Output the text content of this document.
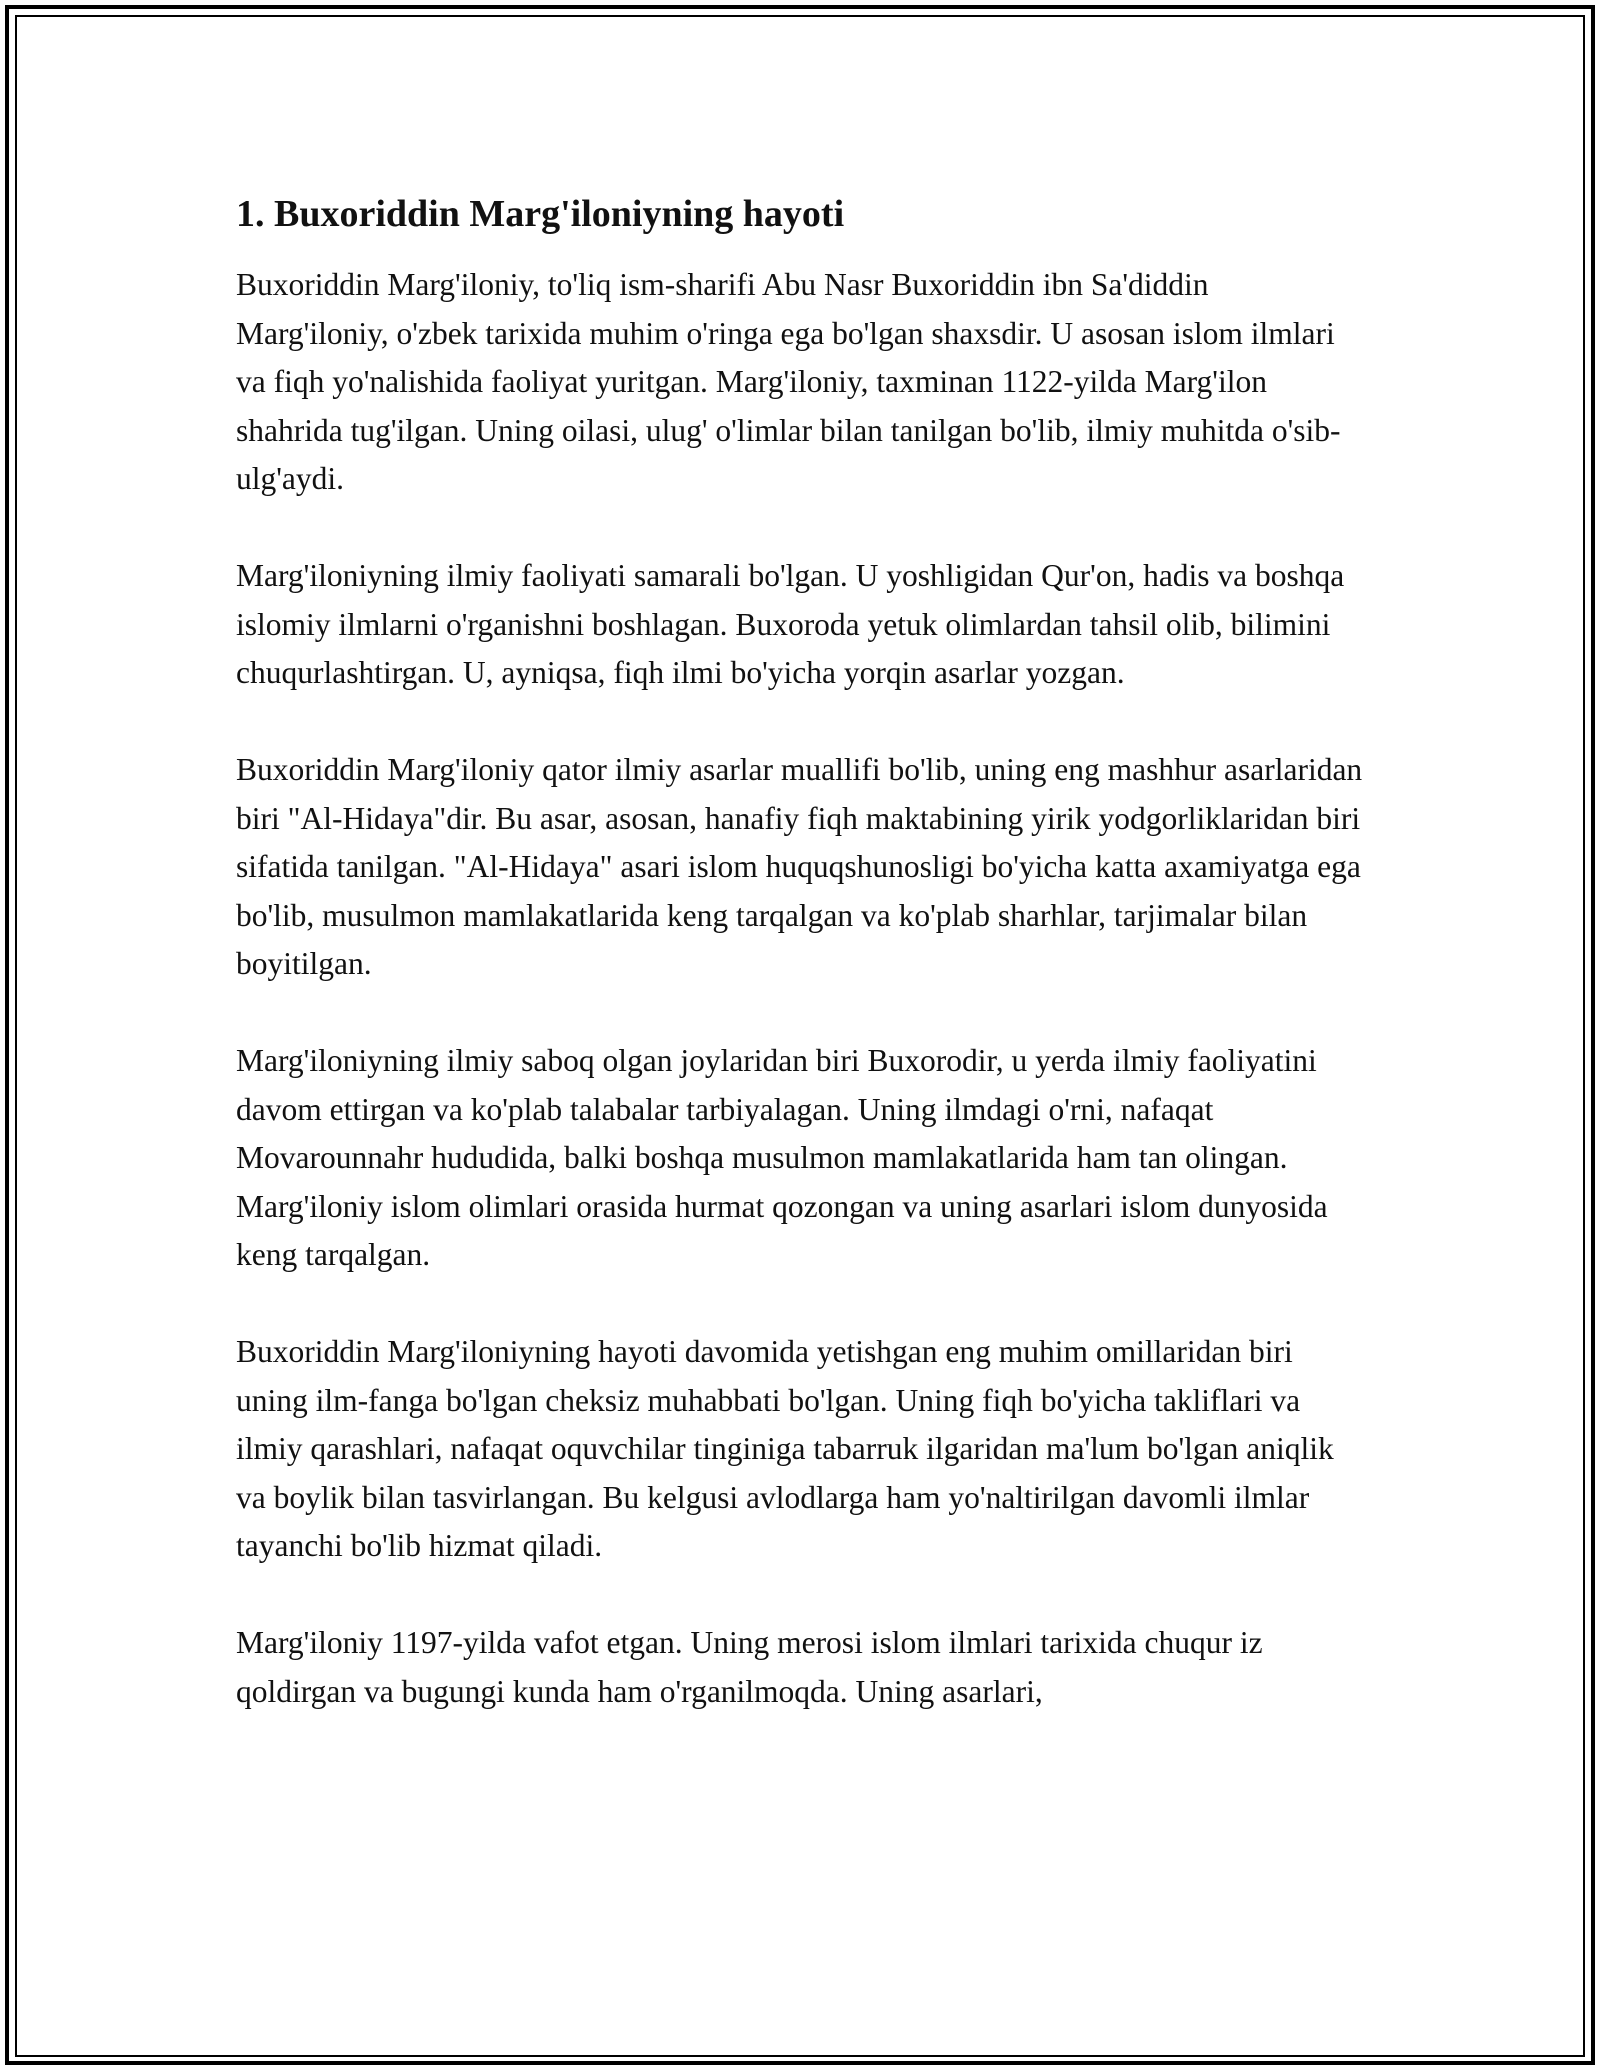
1. Buxoriddin Marg'iloniyning hayoti

Buxoriddin Marg'iloniy, to'liq ism-sharifi Abu Nasr Buxoriddin ibn Sa'diddin Marg'iloniy, o'zbek tarixida muhim o'ringa ega bo'lgan shaxsdir. U asosan islom ilmlari va fiqh yo'nalishida faoliyat yuritgan. Marg'iloniy, taxminan 1122-yilda Marg'ilon shahrida tug'ilgan. Uning oilasi, ulug' o'limlar bilan tanilgan bo'lib, ilmiy muhitda o'sib-ulg'aydi.

Marg'iloniyning ilmiy faoliyati samarali bo'lgan. U yoshligidan Qur'on, hadis va boshqa islomiy ilmlarni o'rganishni boshlagan. Buxoroda yetuk olimlardan tahsil olib, bilimini chuqurlashtirgan. U, ayniqsa, fiqh ilmi bo'yicha yorqin asarlar yozgan.

Buxoriddin Marg'iloniy qator ilmiy asarlar muallifi bo'lib, uning eng mashhur asarlaridan biri "Al-Hidaya"dir. Bu asar, asosan, hanafiy fiqh maktabining yirik yodgorliklaridan biri sifatida tanilgan. "Al-Hidaya" asari islom huquqshunosligi bo'yicha katta axamiyatga ega bo'lib, musulmon mamlakatlarida keng tarqalgan va ko'plab sharhlar, tarjimalar bilan boyitilgan.

Marg'iloniyning ilmiy saboq olgan joylaridan biri Buxorodir, u yerda ilmiy faoliyatini davom ettirgan va ko'plab talabalar tarbiyalagan. Uning ilmdagi o'rni, nafaqat Movarounnahr hududida, balki boshqa musulmon mamlakatlarida ham tan olingan. Marg'iloniy islom olimlari orasida hurmat qozongan va uning asarlari islom dunyosida keng tarqalgan.

Buxoriddin Marg'iloniyning hayoti davomida yetishgan eng muhim omillaridan biri uning ilm-fanga bo'lgan cheksiz muhabbati bo'lgan. Uning fiqh bo'yicha takliflari va ilmiy qarashlari, nafaqat oquvchilar tinginiga tabarruk ilgaridan ma'lum bo'lgan aniqlik va boylik bilan tasvirlangan. Bu kelgusi avlodlarga ham yo'naltirilgan davomli ilmlar tayanchi bo'lib hizmat qiladi.

Marg'iloniy 1197-yilda vafot etgan. Uning merosi islom ilmlari tarixida chuqur iz qoldirgan va bugungi kunda ham o'rganilmoqda. Uning asarlari,
